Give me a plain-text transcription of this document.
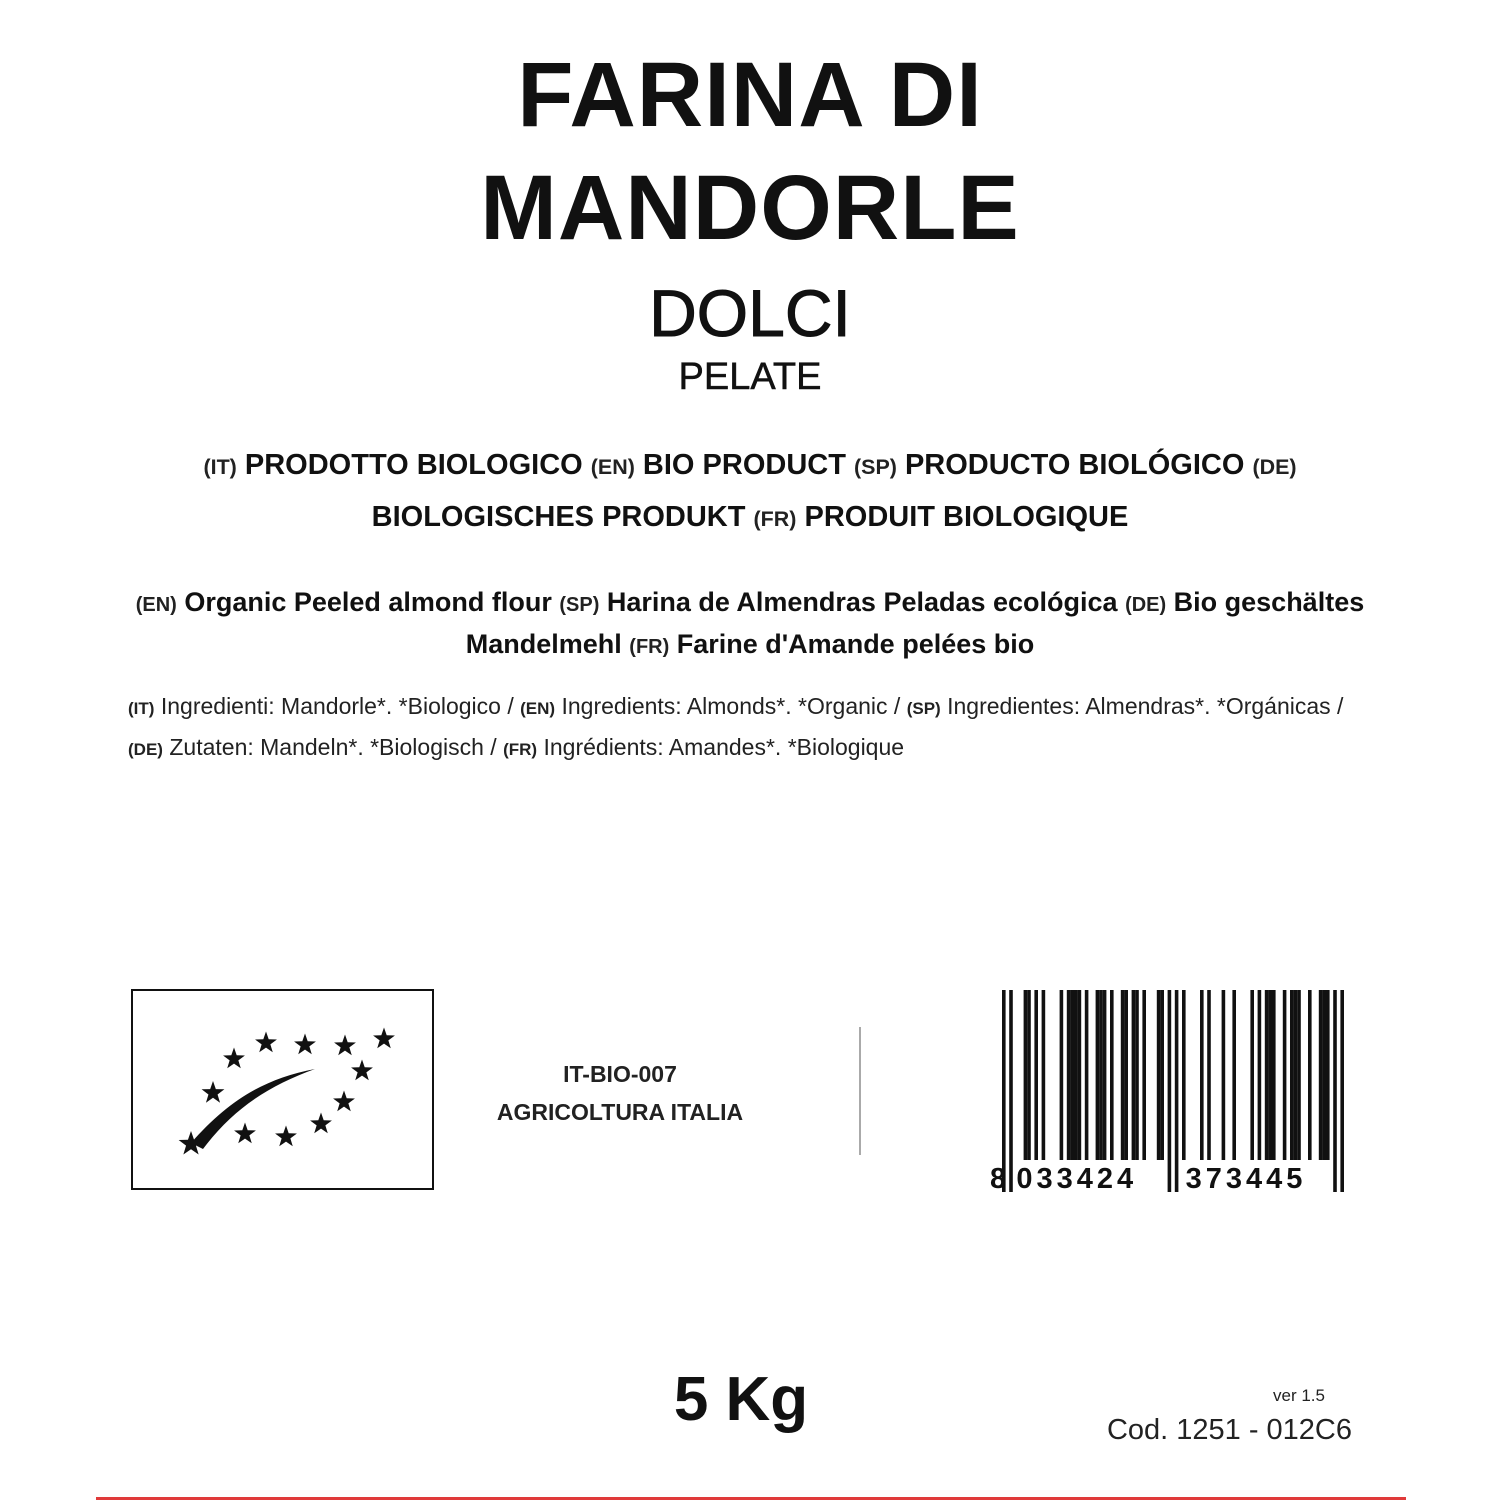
FARINA DI
MANDORLE
DOLCI
PELATE
(IT) PRODOTTO BIOLOGICO (EN) BIO PRODUCT (SP) PRODUCTO BIOLÓGICO (DE)
BIOLOGISCHES PRODUKT (FR) PRODUIT BIOLOGIQUE
(EN) Organic Peeled almond flour (SP) Harina de Almendras Peladas ecológica (DE) Bio geschältes Mandelmehl (FR) Farine d'Amande pelées bio
(IT) Ingredienti: Mandorle*. *Biologico / (EN) Ingredients: Almonds*. *Organic / (SP) Ingredientes: Almendras*. *Orgánicas / (DE) Zutaten: Mandeln*. *Biologisch / (FR) Ingrédients: Amandes*. *Biologique
IT-BIO-007
AGRICOLTURA ITALIA
8 033424 373445
5 Kg	ver 1.5
Cod. 1251 - 012C6
